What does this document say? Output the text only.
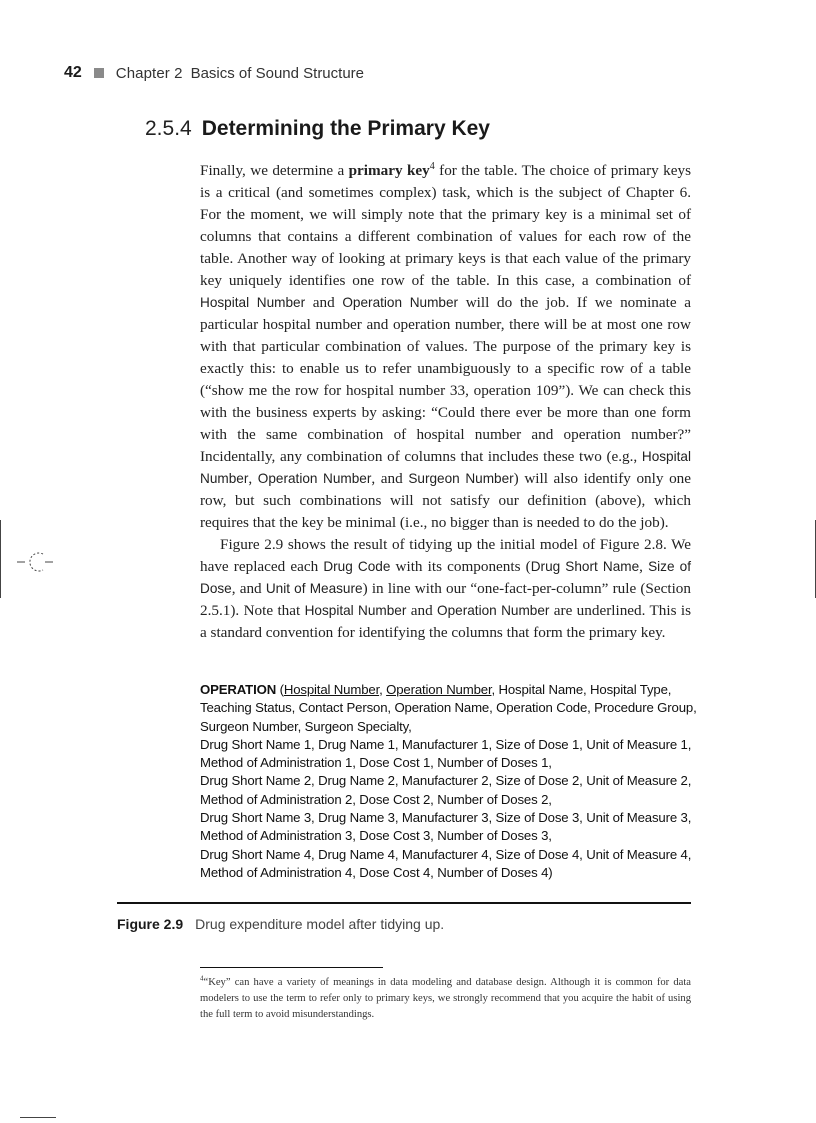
42 Chapter 2 Basics of Sound Structure
2.5.4 Determining the Primary Key

Finally, we determine a primary key$^4$ for the table. The choice of primary keys is a critical (and sometimes complex) task, which is the subject of Chapter 6. For the moment, we will simply note that the primary key is a minimal set of columns that contains a different combination of values for each row of the table. Another way of looking at primary keys is that each value of the primary key uniquely identifies one row of the table. In this case, a combination of Hospital Number and Operation Number will do the job. If we nominate a particular hospital number and operation number, there will be at most one row with that particular combination of values. The purpose of the primary key is exactly this: to enable us to refer unambiguously to a specific row of a table (“show me the row for hospital number 33, operation 109”). We can check this with the business experts by asking: “Could there ever be more than one form with the same combination of hospital number and operation number?” Incidentally, any combination of columns that includes these two (e.g., Hospital Number, Operation Number, and Surgeon Number) will also identify only one row, but such combinations will not satisfy our definition (above), which requires that the key be minimal (i.e., no bigger than is needed to do the job).

Figure 2.9 shows the result of tidying up the initial model of Figure 2.8. We have replaced each Drug Code with its components (Drug Short Name, Size of Dose, and Unit of Measure) in line with our “one-fact-per-column” rule (Section 2.5.1). Note that Hospital Number and Operation Number are underlined. This is a standard convention for identifying the columns that form the primary key.

OPERATION (Hospital Number, Operation Number, Hospital Name, Hospital Type,
Teaching Status, Contact Person, Operation Name, Operation Code, Procedure Group,
Surgeon Number, Surgeon Specialty,
Drug Short Name 1, Drug Name 1, Manufacturer 1, Size of Dose 1, Unit of Measure 1,
Method of Administration 1, Dose Cost 1, Number of Doses 1,
Drug Short Name 2, Drug Name 2, Manufacturer 2, Size of Dose 2, Unit of Measure 2,
Method of Administration 2, Dose Cost 2, Number of Doses 2,
Drug Short Name 3, Drug Name 3, Manufacturer 3, Size of Dose 3, Unit of Measure 3,
Method of Administration 3, Dose Cost 3, Number of Doses 3,
Drug Short Name 4, Drug Name 4, Manufacturer 4, Size of Dose 4, Unit of Measure 4,
Method of Administration 4, Dose Cost 4, Number of Doses 4)
Figure 2.9 Drug expenditure model after tidying up.
$^4$“Key” can have a variety of meanings in data modeling and database design. Although it is common for data modelers to use the term to refer only to primary keys, we strongly recommend that you acquire the habit of using the full term to avoid misunderstandings.
